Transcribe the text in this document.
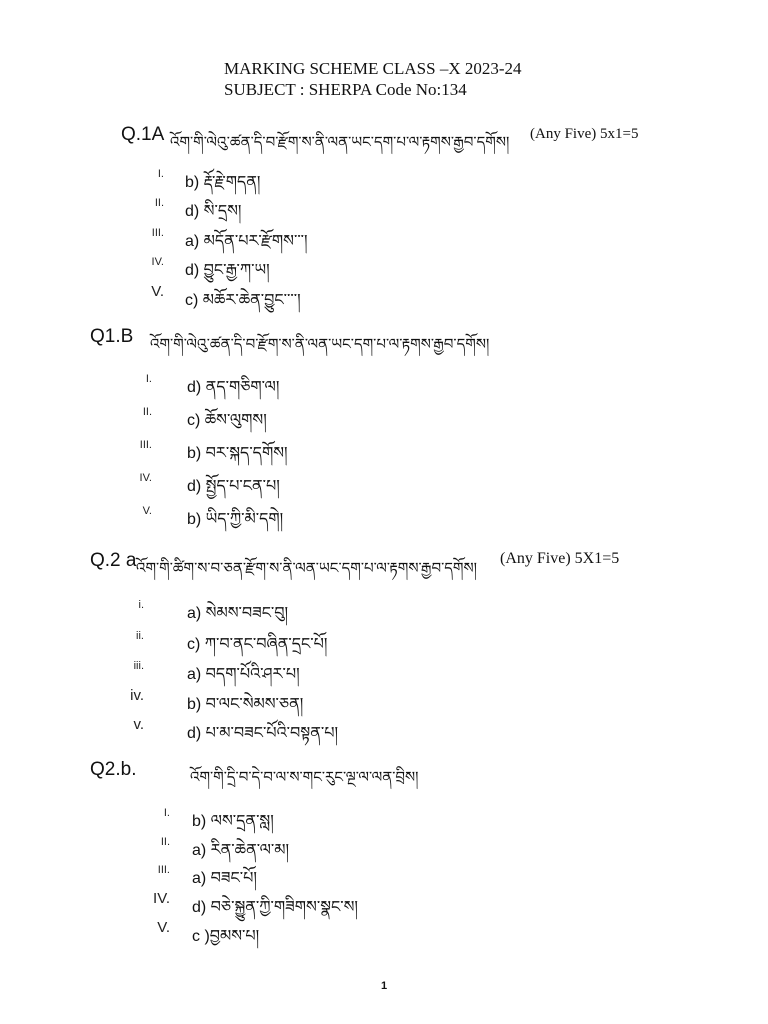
MARKING SCHEME CLASS –X 2023-24
SUBJECT : SHERPA Code No:134
Q.1A འོག་གི་ལེའུ་ཚན་དི་བ་རྫོག་ས་ནི་ལན་ཡང་དག་པ་ལ་རྟགས་རྒྱབ་དགོས། (Any Five) 5x1=5
I. b) རྡོ་རྗེ་གདན།
II. d) སི་དྲས།
III. a) མདོན་པར་རྫོགས་་་།
IV. d) བྱུང་རྒྱ་ཀ་ཡ།
V.
c) མཆོར་ཆེན་བྱུང་་་་།
Q1.B འོག་གི་ལེའུ་ཚན་དི་བ་རྫོག་ས་ནི་ལན་ཡང་དག་པ་ལ་རྟགས་རྒྱབ་དགོས།
I. d) ནད་གཅིག་ལ།
II. c) ཆོས་ལུགས།
III. b) བར་སྐད་དགོས།
IV. d) སྤྱོད་པ་ངན་པ།
V. b) ཡིད་ཀྱི་མི་དགེ།
Q.2 a འོག་གི་ཚིག་ས་བ་ཅན་རྫོག་ས་ནི་ལན་ཡང་དག་པ་ལ་རྟགས་རྒྱབ་དགོས།
(Any Five) 5X1=5
i.	a) སེམས་བཟང་བུ།
ii.	c) ཀ་བ་ནང་བཞིན་དྲང་པོ།
iii.	a) བདག་པོའི་ཤར་པ།
iv.
b) བ་ལང་སེམས་ཅན།
v.
d) པ་མ་བཟང་པོའི་བསྟན་པ།
Q2.b.	འོག་གི་དྲི་བ་དེ་བ་ལ་ས་གང་རུང་ལྔ་ལ་ལན་བྲིས།
I. b) ལས་དྲན་སླ།
II. a) རིན་ཆེན་ལ་མ།
III. a) བཟང་པོ།
IV.
d) བཅེ་སྐྱུན་ཀྱི་གཟིགས་སྣང་ས།
V.
c )བྱམས་པ།
1
